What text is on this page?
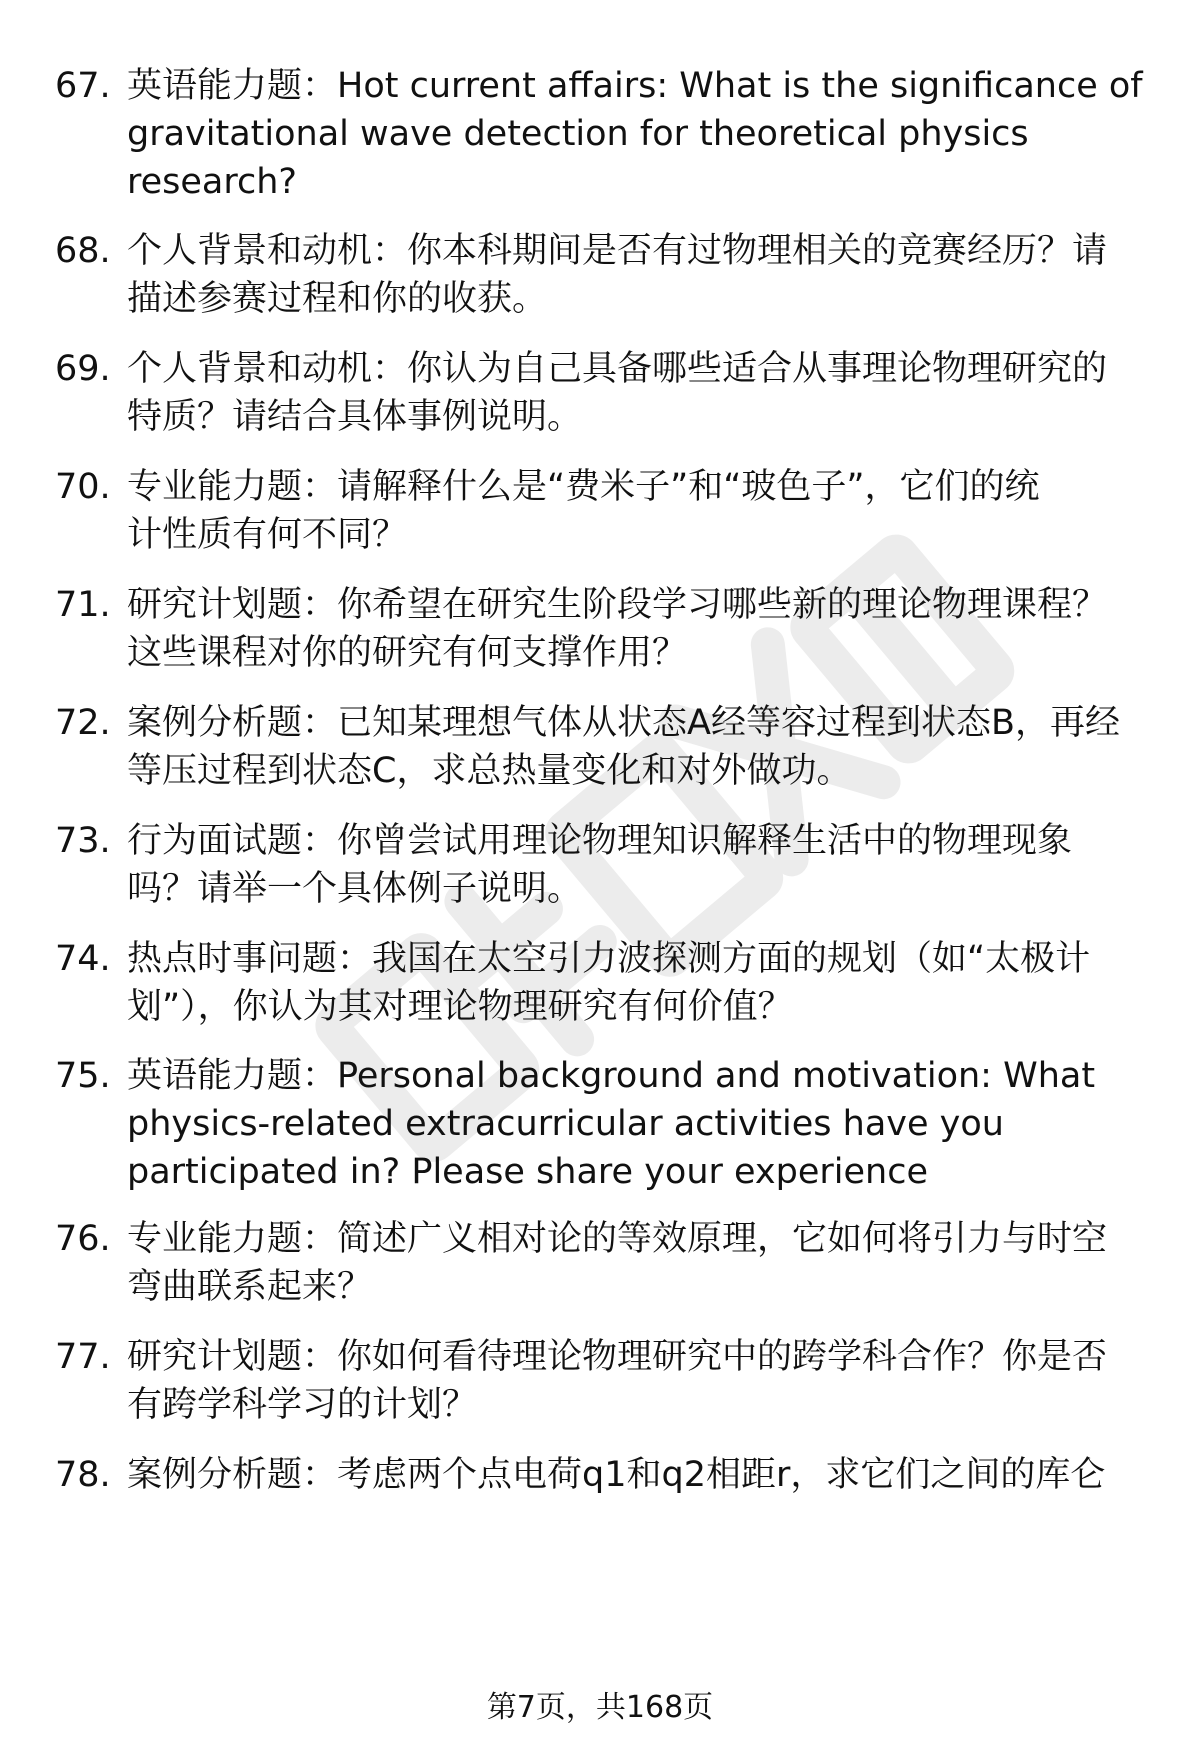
67. 英语能力题：Hot current affairs: What is the significance of
gravitational wave detection for theoretical physics
research?
68. 个人背景和动机：你本科期间是否有过物理相关的竞赛经历？请
描述参赛过程和你的收获。
69. 个人背景和动机：你认为自己具备哪些适合从事理论物理研究的
特质？请结合具体事例说明。
70. 专业能力题：请解释什么是“费米子”和“玻色子”，它们的统
计性质有何不同？
71. 研究计划题：你希望在研究生阶段学习哪些新的理论物理课程？
这些课程对你的研究有何支撑作用？
72. 案例分析题：已知某理想气体从状态A经等容过程到状态B，再经
等压过程到状态C，求总热量变化和对外做功。
73. 行为面试题：你曾尝试用理论物理知识解释生活中的物理现象
吗？请举一个具体例子说明。
74. 热点时事问题：我国在太空引力波探测方面的规划（如“太极计
划”），你认为其对理论物理研究有何价值？
75. 英语能力题：Personal background and motivation: What
physics-related extracurricular activities have you
participated in? Please share your experience
76. 专业能力题：简述广义相对论的等效原理，它如何将引力与时空
弯曲联系起来？
77. 研究计划题：你如何看待理论物理研究中的跨学科合作？你是否
有跨学科学习的计划？
78. 案例分析题：考虑两个点电荷q1和q2相距r，求它们之间的库仑
第7页，共168页
